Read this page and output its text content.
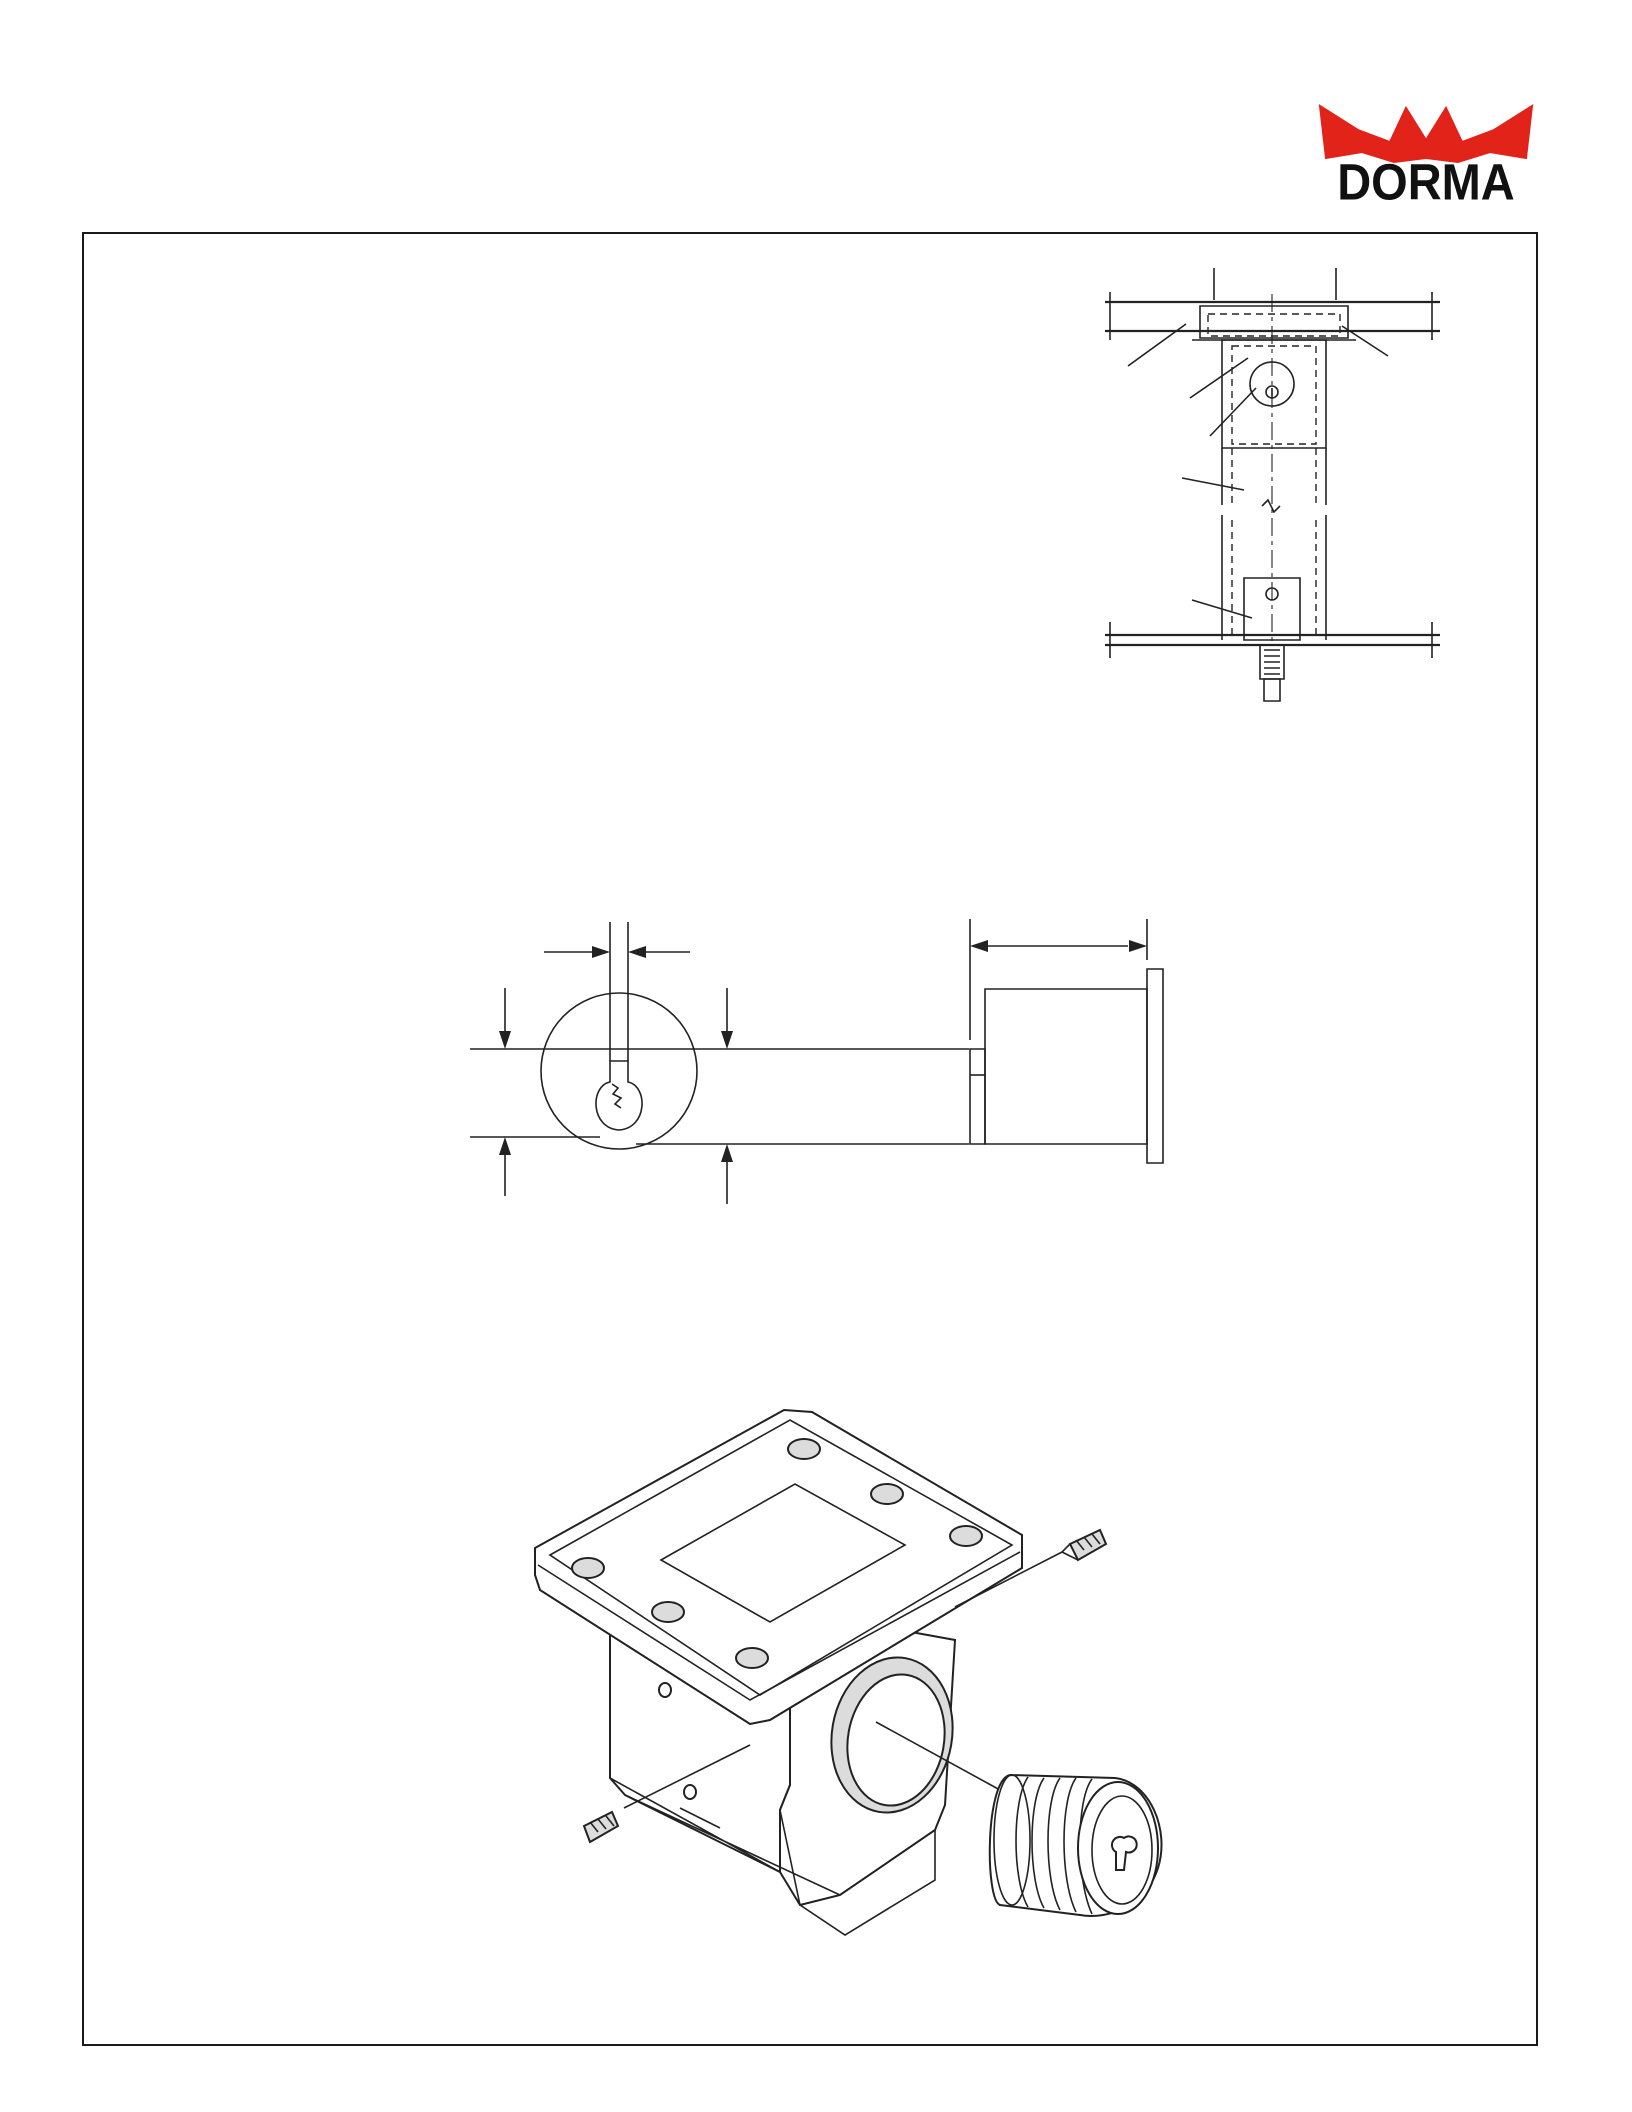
DORMA
